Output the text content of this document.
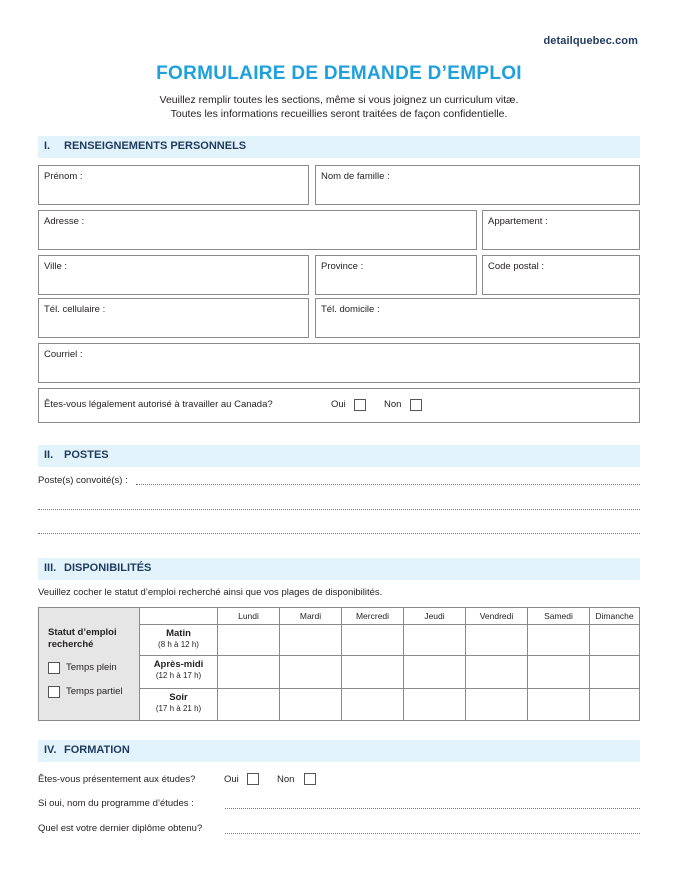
detailquebec.com
FORMULAIRE DE DEMANDE D’EMPLOI
Veuillez remplir toutes les sections, même si vous joignez un curriculum vitæ.
Toutes les informations recueillies seront traitées de façon confidentielle.
I. RENSEIGNEMENTS PERSONNELS
Prénom :	Nom de famille :
Adresse :	Appartement :
Ville :	Province :	Code postal :
Tél. cellulaire :	Tél. domicile :
Courriel :
Êtes-vous légalement autorisé à travailler au Canada?	Oui	Non
II. POSTES
Poste(s) convoité(s) :
III. DISPONIBILITÉS
Veuillez cocher le statut d’emploi recherché ainsi que vos plages de disponibilités.
Statut d’emploi recherché
Temps plein
Temps partiel
Lundi	Mardi	Mercredi	Jeudi	Vendredi	Samedi	Dimanche
Matin
(8 h à 12 h)
Après-midi
(12 h à 17 h)
Soir
(17 h à 21 h)
IV. FORMATION
Êtes-vous présentement aux études?	Oui	Non
Si oui, nom du programme d’études :
Quel est votre dernier diplôme obtenu?
